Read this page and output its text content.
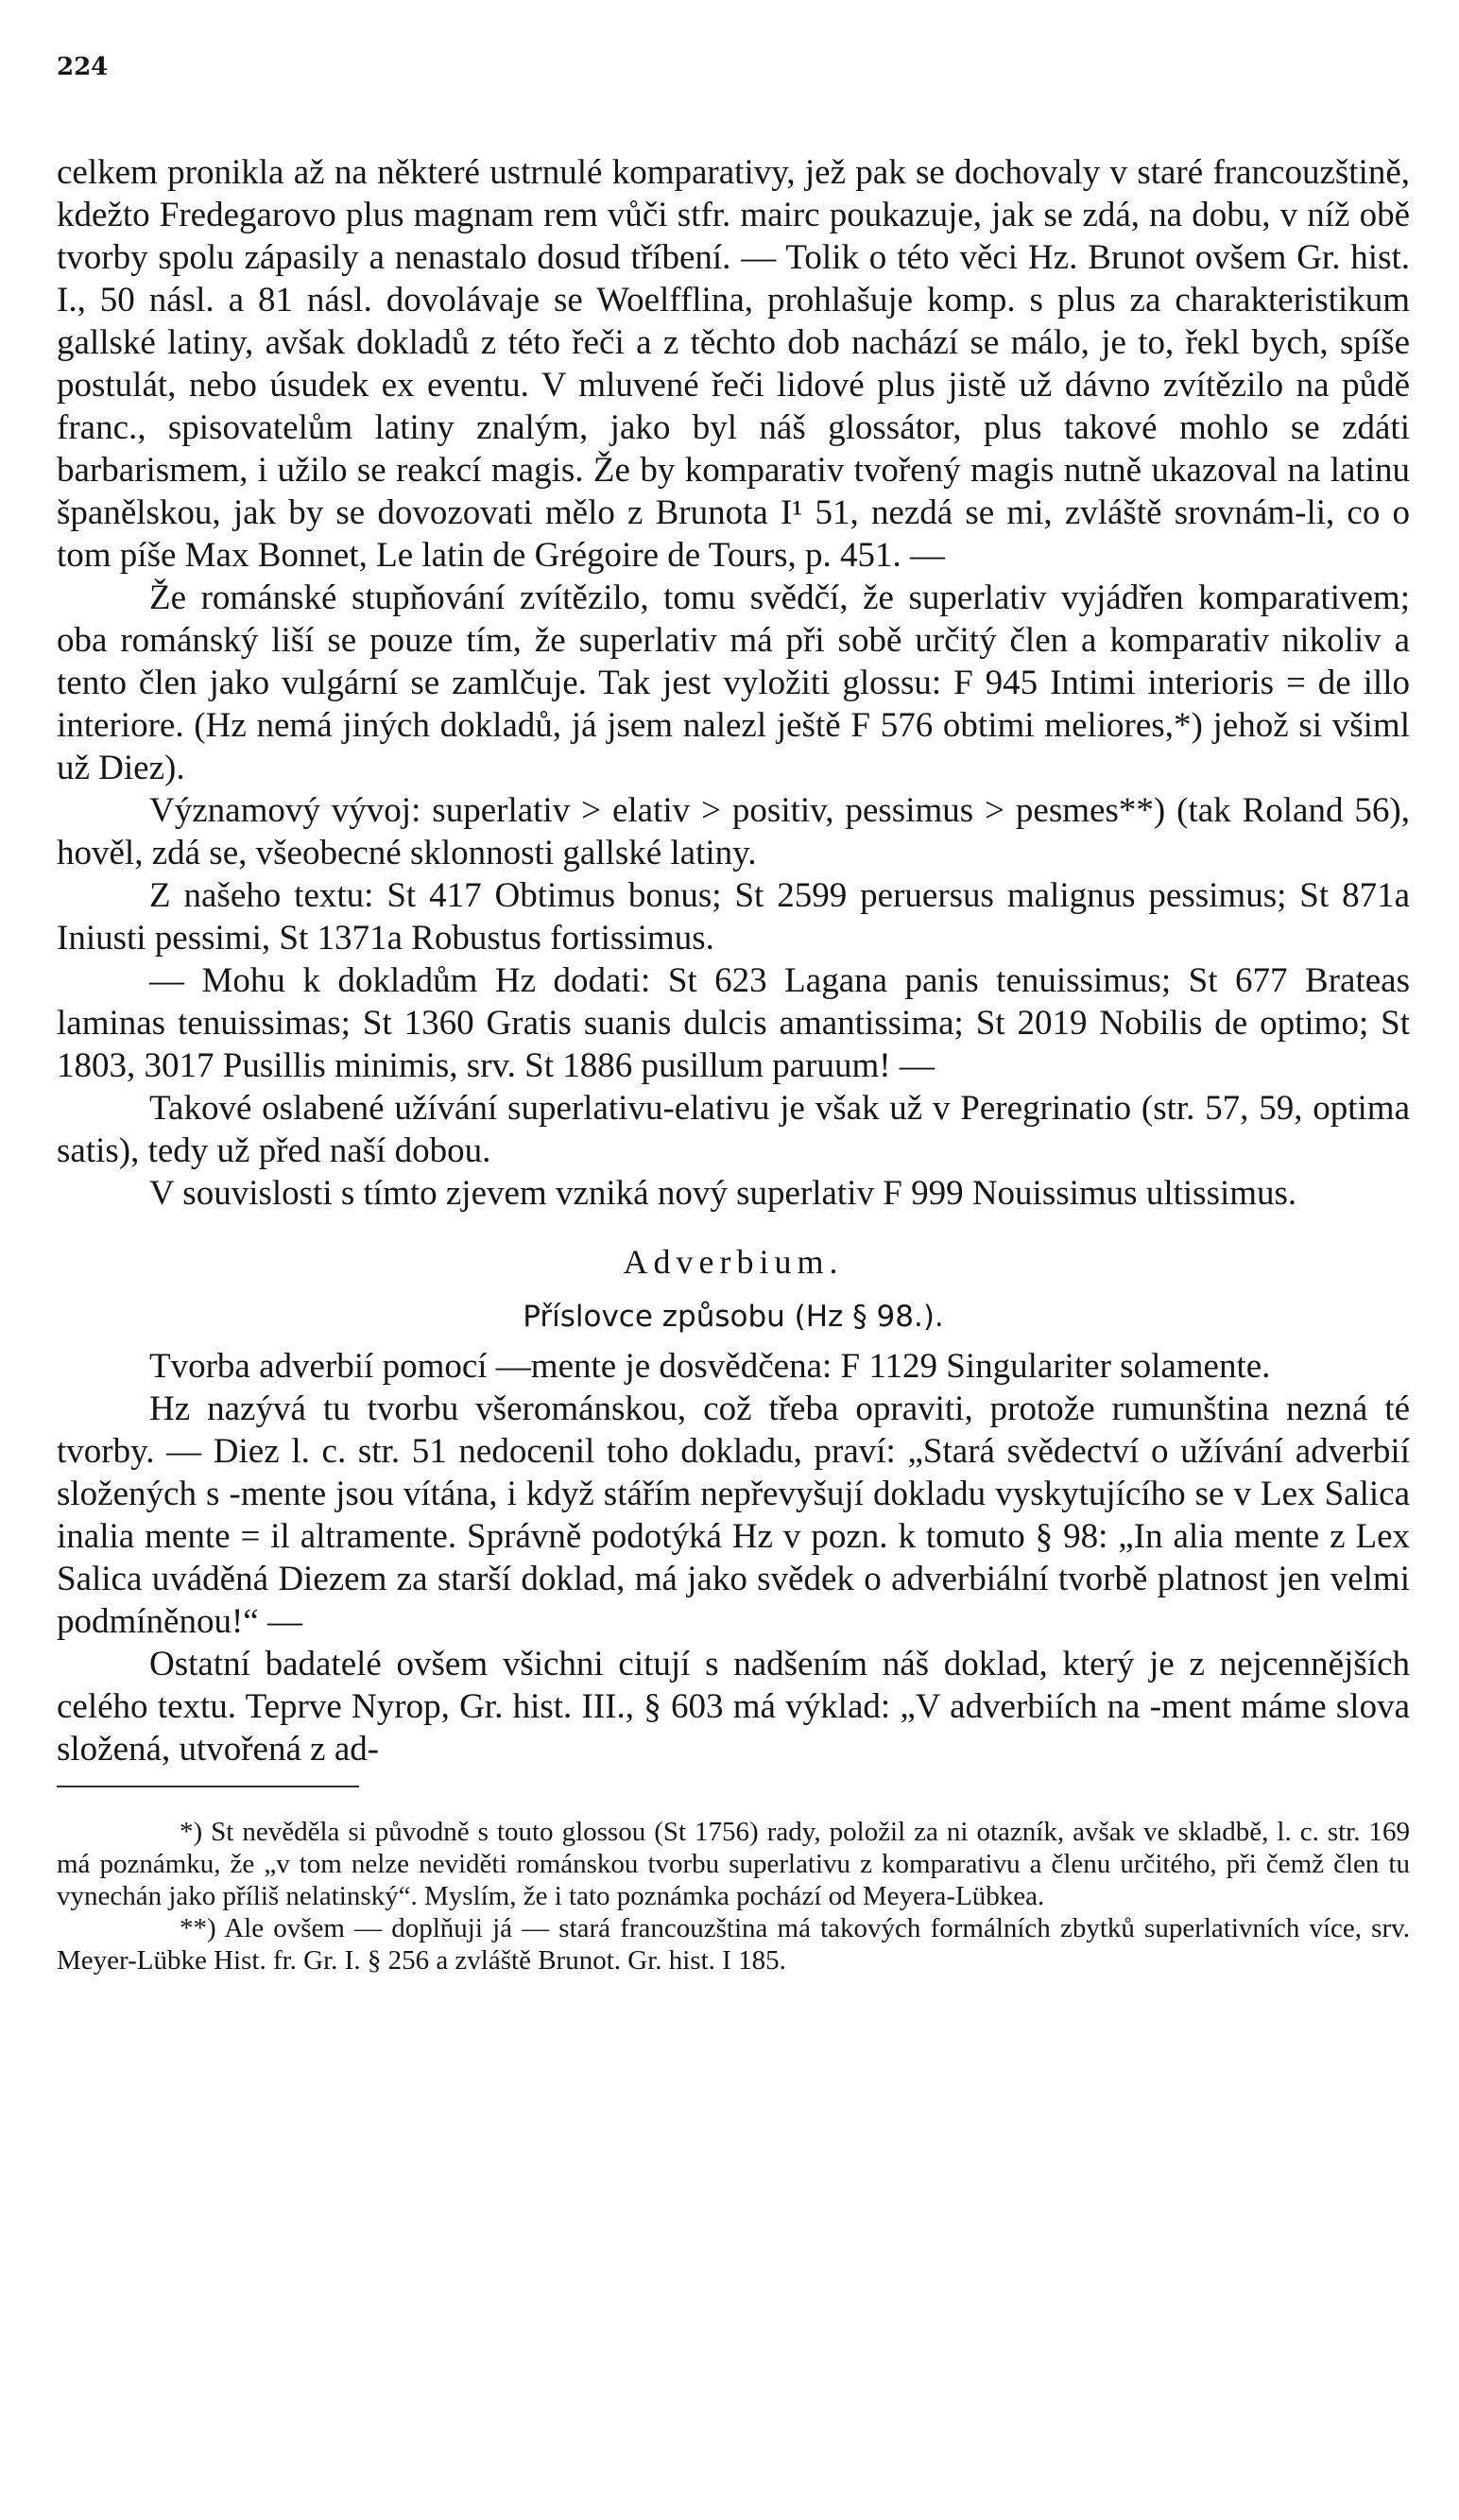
224

celkem pronikla až na některé ustrnulé komparativy, jež pak se dochovaly v staré francouzštině, kdežto Fredegarovo plus magnam rem vůči stfr. mairc poukazuje, jak se zdá, na dobu, v níž obě tvorby spolu zápasily a nenastalo dosud tříbení. — Tolik o této věci Hz. Brunot ovšem Gr. hist. I., 50 násl. a 81 násl. dovolávaje se Woelfflina, prohlašuje komp. s plus za charakteristikum gallské latiny, avšak dokladů z této řeči a z těchto dob nachází se málo, je to, řekl bych, spíše postulát, nebo úsudek ex eventu. V mluvené řeči lidové plus jistě už dávno zvítězilo na půdě franc., spisovatelům latiny znalým, jako byl náš glossátor, plus takové mohlo se zdáti barbarismem, i užilo se reakcí magis. Že by komparativ tvořený magis nutně ukazoval na latinu španělskou, jak by se dovozovati mělo z Brunota I¹ 51, nezdá se mi, zvláště srovnám-li, co o tom píše Max Bonnet, Le latin de Grégoire de Tours, p. 451. —

Že románské stupňování zvítězilo, tomu svědčí, že superlativ vyjádřen komparativem; oba románský liší se pouze tím, že superlativ má při sobě určitý člen a komparativ nikoliv a tento člen jako vulgární se zamlčuje. Tak jest vyložiti glossu: F 945 Intimi interioris = de illo interiore. (Hz nemá jiných dokladů, já jsem nalezl ještě F 576 obtimi meliores,*) jehož si všiml už Diez).

Významový vývoj: superlativ > elativ > positiv, pessimus > pesmes**) (tak Roland 56), hověl, zdá se, všeobecné sklonnosti gallské latiny.

Z našeho textu: St 417 Obtimus bonus; St 2599 peruersus malignus pessimus; St 871a Iniusti pessimi, St 1371a Robustus fortissimus.

— Mohu k dokladům Hz dodati: St 623 Lagana panis tenuissimus; St 677 Brateas laminas tenuissimas; St 1360 Gratis suanis dulcis amantissima; St 2019 Nobilis de optimo; St 1803, 3017 Pusillis minimis, srv. St 1886 pusillum paruum! —

Takové oslabené užívání superlativu-elativu je však už v Peregrinatio (str. 57, 59, optima satis), tedy už před naší dobou.

V souvislosti s tímto zjevem vzniká nový superlativ F 999 Nouissimus ultissimus.

Adverbium.
Příslovce způsobu (Hz § 98.).

Tvorba adverbií pomocí —mente je dosvědčena: F 1129 Singulariter solamente.

Hz nazývá tu tvorbu všerománskou, což třeba opraviti, protože rumunština nezná té tvorby. — Diez l. c. str. 51 nedocenil toho dokladu, praví: „Stará svědectví o užívání adverbií složených s -mente jsou vítána, i když stářím nepřevyšují dokladu vyskytujícího se v Lex Salica inalia mente = il altramente. Správně podotýká Hz v pozn. k tomuto § 98: „In alia mente z Lex Salica uváděná Diezem za starší doklad, má jako svědek o adverbiální tvorbě platnost jen velmi podmíněnou!“ —

Ostatní badatelé ovšem všichni citují s nadšením náš doklad, který je z nejcennějších celého textu. Teprve Nyrop, Gr. hist. III., § 603 má výklad: „V adverbiích na -ment máme slova složená, utvořená z ad-

*) St nevěděla si původně s touto glossou (St 1756) rady, položil za ni otazník, avšak ve skladbě, l. c. str. 169 má poznámku, že „v tom nelze neviděti románskou tvorbu superlativu z komparativu a členu určitého, při čemž člen tu vynechán jako příliš nelatinský“. Myslím, že i tato poznámka pochází od Meyera-Lübkea.

**) Ale ovšem — doplňuji já — stará francouzština má takových formálních zbytků superlativních více, srv. Meyer-Lübke Hist. fr. Gr. I. § 256 a zvláště Brunot. Gr. hist. I 185.
